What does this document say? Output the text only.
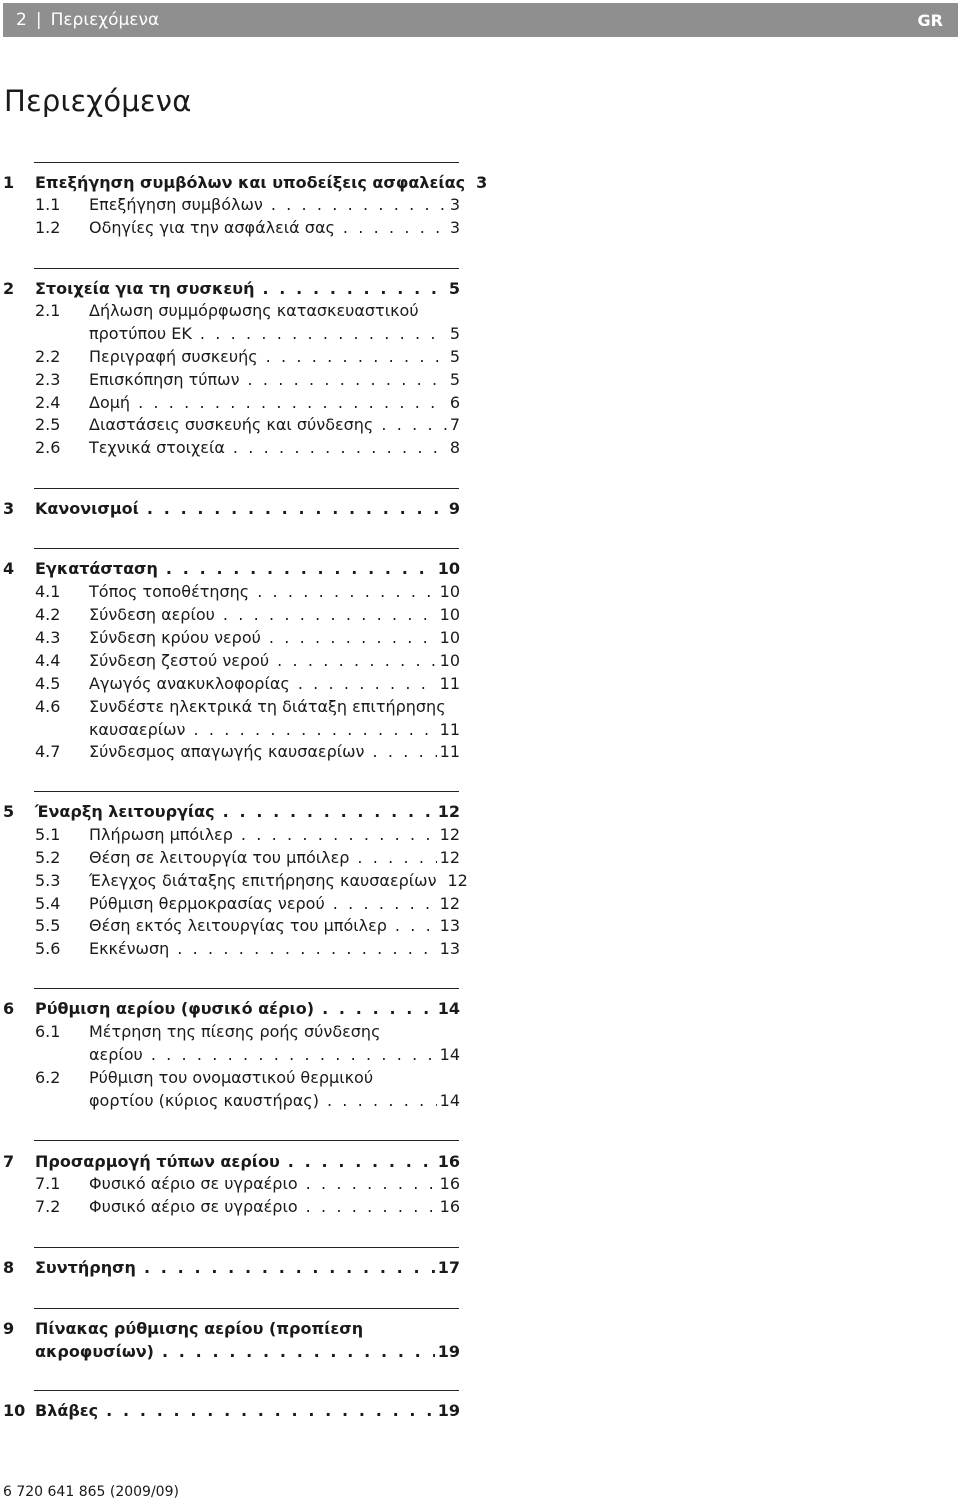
2 | Περιεχόμενα	GR
Περιεχόμενα
1 Επεξήγηση συμβόλων και υποδείξεις ασφαλείας 3
1.1 Επεξήγηση συμβόλων . . .	3
1.2 Οδηγίες για την ασφάλειά σας . . .	3
2 Στοιχεία για τη συσκευή . . .	5
2.1 Δήλωση συμμόρφωσης κατασκευαστικού
προτύπου ΕΚ . . .	5
2.2 Περιγραφή συσκευής . . .	5
2.3 Επισκόπηση τύπων . . .	5
2.4 Δομή . . .	6
2.5 Διαστάσεις συσκευής και σύνδεσης . . .	7
2.6 Τεχνικά στοιχεία . . .	8
3 Κανονισμοί . . .	9
4 Εγκατάσταση . . .	10
4.1 Τόπος τοποθέτησης . . .	10
4.2 Σύνδεση αερίου . . .	10
4.3 Σύνδεση κρύου νερού . . .	10
4.4 Σύνδεση ζεστού νερού . . .	10
4.5 Αγωγός ανακυκλοφορίας . . .	11
4.6 Συνδέστε ηλεκτρικά τη διάταξη επιτήρησης
καυσαερίων . . .	11
4.7 Σύνδεσμος απαγωγής καυσαερίων . . .	11
5 Έναρξη λειτουργίας . . .	12
5.1 Πλήρωση μπόιλερ . . .	12
5.2 Θέση σε λειτουργία του μπόιλερ . . .	12
5.3 Έλεγχος διάταξης επιτήρησης καυσαερίων 12
5.4 Ρύθμιση θερμοκρασίας νερού . . .	12
5.5 Θέση εκτός λειτουργίας του μπόιλερ . . .	13
5.6 Εκκένωση . . .	13
6 Ρύθμιση αερίου (φυσικό αέριο) . . .	14
6.1 Μέτρηση της πίεσης ροής σύνδεσης
αερίου . . .	14
6.2 Ρύθμιση του ονομαστικού θερμικού
φορτίου (κύριος καυστήρας) . . .	14
7 Προσαρμογή τύπων αερίου . . .	16
7.1 Φυσικό αέριο σε υγραέριο . . .	16
7.2 Φυσικό αέριο σε υγραέριο . . .	16
8 Συντήρηση . . .	17
9 Πίνακας ρύθμισης αερίου (προπίεση
ακροφυσίων) . . .	19
10 Βλάβες . . .	19
6 720 641 865 (2009/09)
